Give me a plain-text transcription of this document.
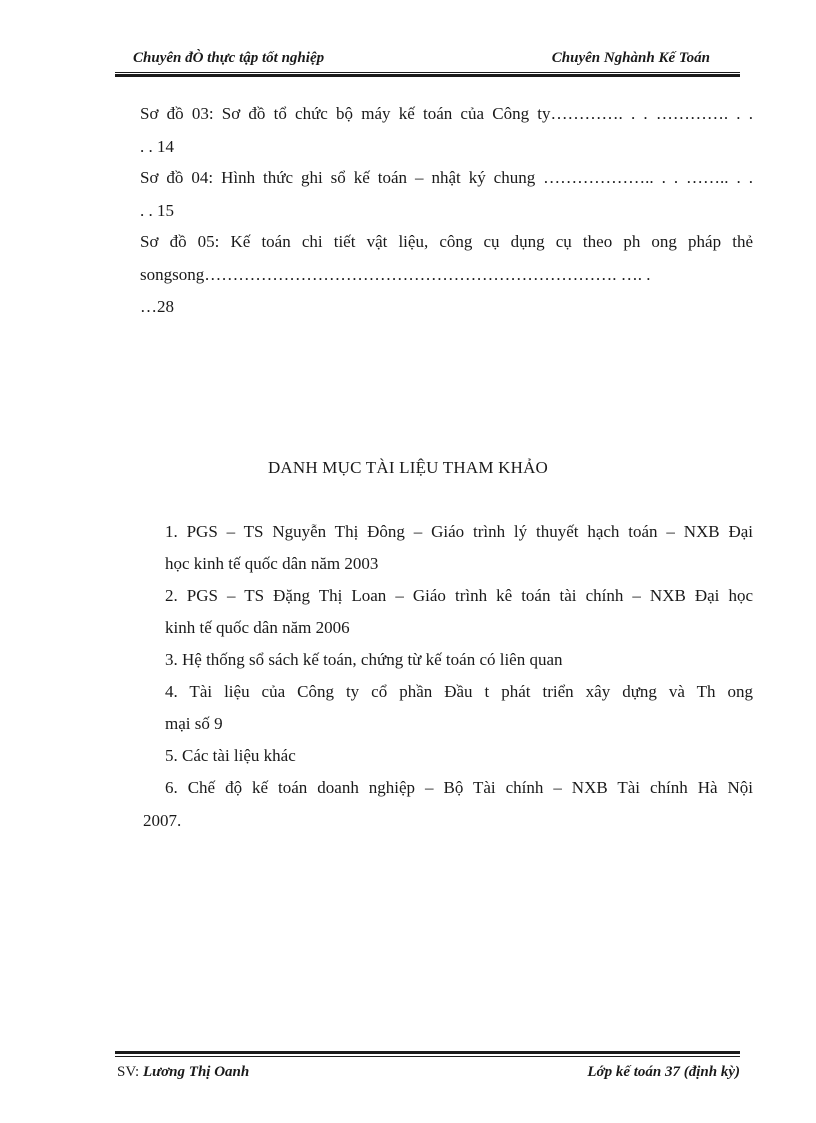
Chuyên đÒ thực tập tốt nghiệp	Chuyên Nghành Kế Toán
Sơ đồ 03: Sơ đồ tổ chức bộ máy kế toán của Công ty…………. . . …………. . .
. . 14
Sơ đồ 04: Hình thức ghi sổ kế toán – nhật ký chung ……………….. . . …….. . .
. . 15
Sơ đồ 05: Kế toán chi tiết vật liệu, công cụ dụng cụ theo ph ong pháp thẻ
songsong………………………………………………………………. …. .
…28
DANH MỤC TÀI LIỆU THAM KHẢO
1. PGS – TS Nguyễn Thị Đông – Giáo trình lý thuyết hạch toán – NXB Đại
học kinh tế quốc dân năm 2003
2. PGS – TS Đặng Thị Loan – Giáo trình kê toán tài chính – NXB Đại học
kinh tế quốc dân năm 2006
3. Hệ thống sổ sách kế toán, chứng từ kế toán có liên quan
4. Tài liệu của Công ty cổ phần Đầu t phát triển xây dựng và Th ong
mại số 9
5. Các tài liệu khác
6. Chế độ kế toán doanh nghiệp – Bộ Tài chính – NXB Tài chính Hà Nội
2007.
SV: Lương Thị Oanh	Lớp kế toán 37 (định kỳ)
